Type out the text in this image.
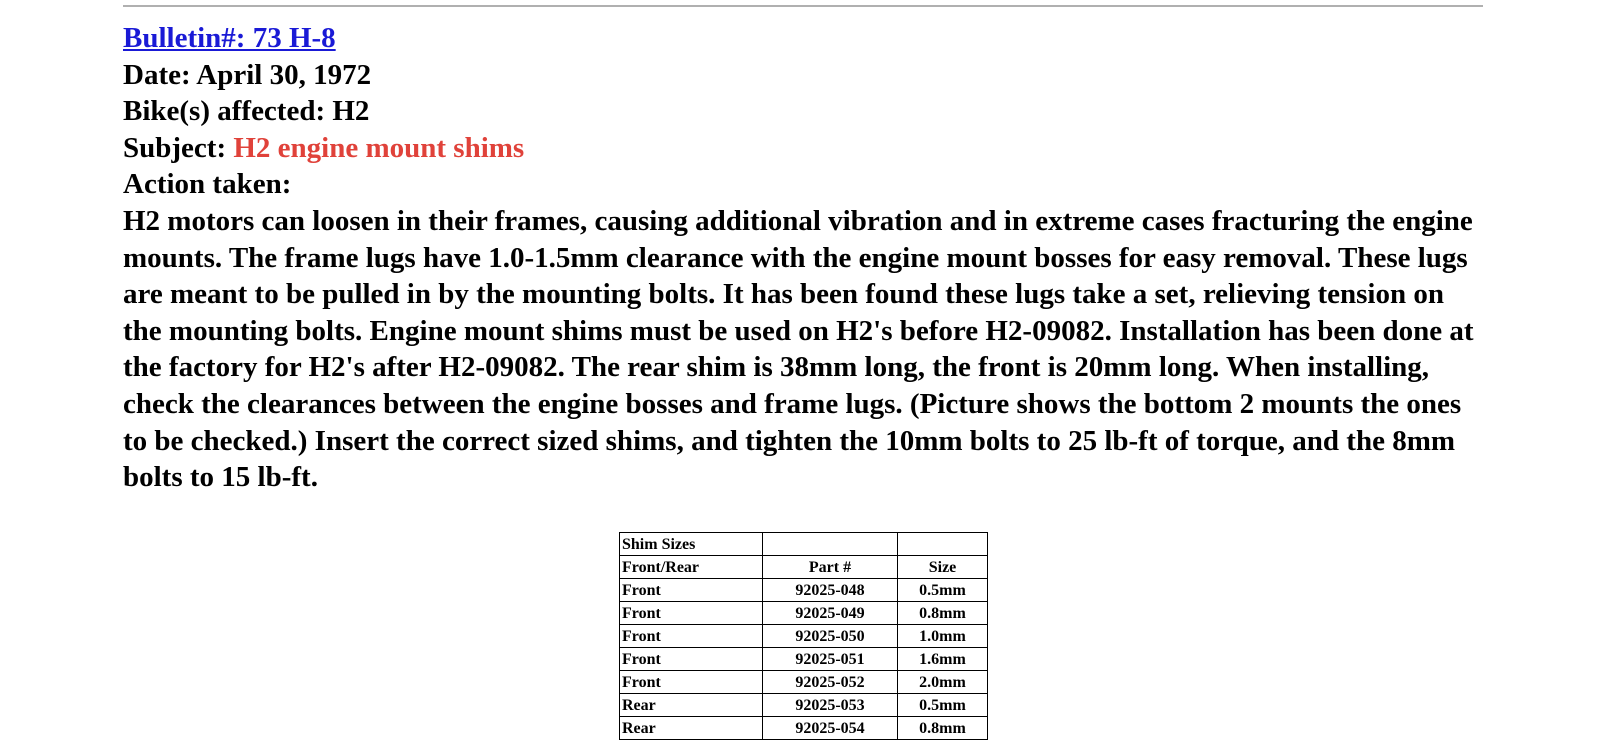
Bulletin#: 73 H-8
Date: April 30, 1972
Bike(s) affected: H2
Subject: H2 engine mount shims
Action taken:
H2 motors can loosen in their frames, causing additional vibration and in extreme cases fracturing the engine mounts. The frame lugs have 1.0-1.5mm clearance with the engine mount bosses for easy removal. These lugs are meant to be pulled in by the mounting bolts. It has been found these lugs take a set, relieving tension on the mounting bolts. Engine mount shims must be used on H2's before H2-09082. Installation has been done at the factory for H2's after H2-09082. The rear shim is 38mm long, the front is 20mm long. When installing, check the clearances between the engine bosses and frame lugs. (Picture shows the bottom 2 mounts the ones to be checked.) Insert the correct sized shims, and tighten the 10mm bolts to 25 lb-ft of torque, and the 8mm bolts to 15 lb-ft.
Shim Sizes		
Front/Rear	Part #	Size
Front	92025-048	0.5mm
Front	92025-049	0.8mm
Front	92025-050	1.0mm
Front	92025-051	1.6mm
Front	92025-052	2.0mm
Rear	92025-053	0.5mm
Rear	92025-054	0.8mm
